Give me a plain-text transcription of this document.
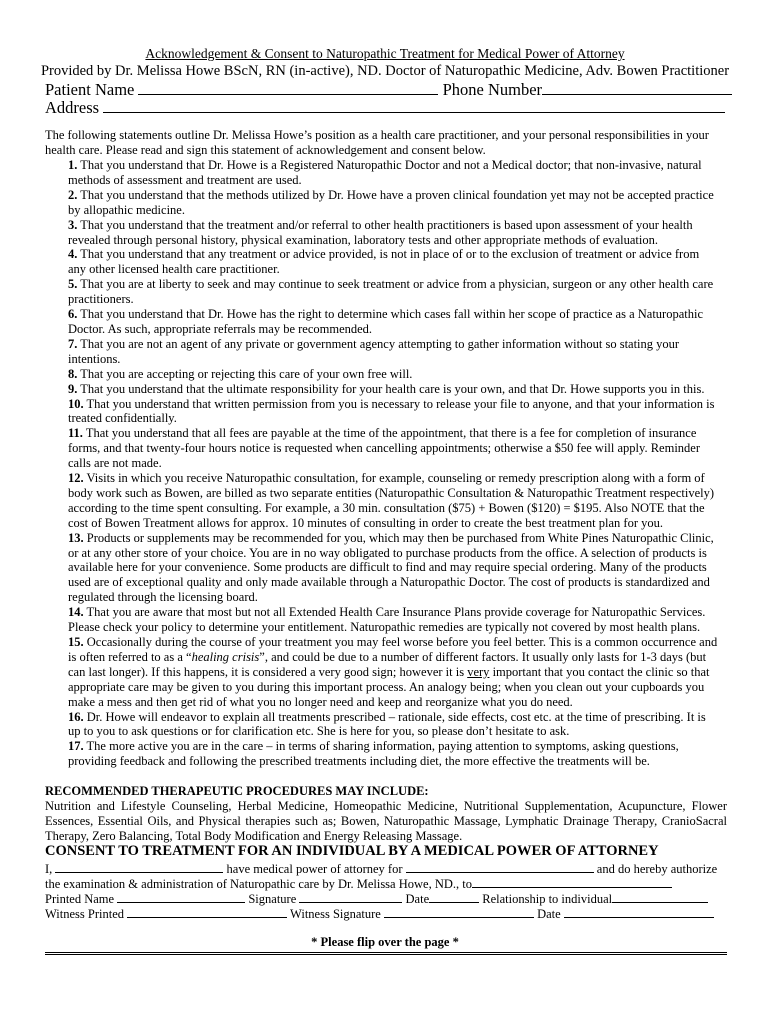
Acknowledgement & Consent to Naturopathic Treatment for Medical Power of Attorney
Provided by Dr. Melissa Howe BScN, RN (in-active), ND. Doctor of Naturopathic Medicine, Adv. Bowen Practitioner
Patient Name	Phone Number
Address
The following statements outline Dr. Melissa Howe’s position as a health care practitioner, and your personal responsibilities in your health care. Please read and sign this statement of acknowledgement and consent below.
1. That you understand that Dr. Howe is a Registered Naturopathic Doctor and not a Medical doctor; that non-invasive, natural methods of assessment and treatment are used.
2. That you understand that the methods utilized by Dr. Howe have a proven clinical foundation yet may not be accepted practice by allopathic medicine.
3. That you understand that the treatment and/or referral to other health practitioners is based upon assessment of your health revealed through personal history, physical examination, laboratory tests and other appropriate methods of evaluation.
4. That you understand that any treatment or advice provided, is not in place of or to the exclusion of treatment or advice from any other licensed health care practitioner.
5. That you are at liberty to seek and may continue to seek treatment or advice from a physician, surgeon or any other health care practitioners.
6. That you understand that Dr. Howe has the right to determine which cases fall within her scope of practice as a Naturopathic Doctor. As such, appropriate referrals may be recommended.
7. That you are not an agent of any private or government agency attempting to gather information without so stating your intentions.
8. That you are accepting or rejecting this care of your own free will.
9. That you understand that the ultimate responsibility for your health care is your own, and that Dr. Howe supports you in this.
10. That you understand that written permission from you is necessary to release your file to anyone, and that your information is treated confidentially.
11. That you understand that all fees are payable at the time of the appointment, that there is a fee for completion of insurance forms, and that twenty-four hours notice is requested when cancelling appointments; otherwise a $50 fee will apply. Reminder calls are not made.
12. Visits in which you receive Naturopathic consultation, for example, counseling or remedy prescription along with a form of body work such as Bowen, are billed as two separate entities (Naturopathic Consultation & Naturopathic Treatment respectively) according to the time spent consulting. For example, a 30 min. consultation ($75) + Bowen ($120) = $195. Also NOTE that the cost of Bowen Treatment allows for approx. 10 minutes of consulting in order to create the best treatment plan for you.
13. Products or supplements may be recommended for you, which may then be purchased from White Pines Naturopathic Clinic, or at any other store of your choice. You are in no way obligated to purchase products from the office. A selection of products is available here for your convenience. Some products are difficult to find and may require special ordering. Many of the products used are of exceptional quality and only made available through a Naturopathic Doctor. The cost of products is standardized and regulated through the licensing board.
14. That you are aware that most but not all Extended Health Care Insurance Plans provide coverage for Naturopathic Services. Please check your policy to determine your entitlement. Naturopathic remedies are typically not covered by most health plans.
15. Occasionally during the course of your treatment you may feel worse before you feel better. This is a common occurrence and is often referred to as a “healing crisis”, and could be due to a number of different factors. It usually only lasts for 1-3 days (but can last longer). If this happens, it is considered a very good sign; however it is very important that you contact the clinic so that appropriate care may be given to you during this important process. An analogy being; when you clean out your cupboards you make a mess and then get rid of what you no longer need and keep and reorganize what you do need.
16. Dr. Howe will endeavor to explain all treatments prescribed – rationale, side effects, cost etc. at the time of prescribing. It is up to you to ask questions or for clarification etc. She is here for you, so please don’t hesitate to ask.
17. The more active you are in the care – in terms of sharing information, paying attention to symptoms, asking questions, providing feedback and following the prescribed treatments including diet, the more effective the treatments will be.
RECOMMENDED THERAPEUTIC PROCEDURES MAY INCLUDE:
Nutrition and Lifestyle Counseling, Herbal Medicine, Homeopathic Medicine, Nutritional Supplementation, Acupuncture, Flower Essences, Essential Oils, and Physical therapies such as; Bowen, Naturopathic Massage, Lymphatic Drainage Therapy, CranioSacral Therapy, Zero Balancing, Total Body Modification and Energy Releasing Massage.
CONSENT TO TREATMENT FOR AN INDIVIDUAL BY A MEDICAL POWER OF ATTORNEY
I,	have medical power of attorney for	and do hereby authorize
the examination & administration of Naturopathic care by Dr. Melissa Howe, ND., to
Printed Name	Signature	Date	Relationship to individual
Witness Printed	Witness Signature	Date
* Please flip over the page *
